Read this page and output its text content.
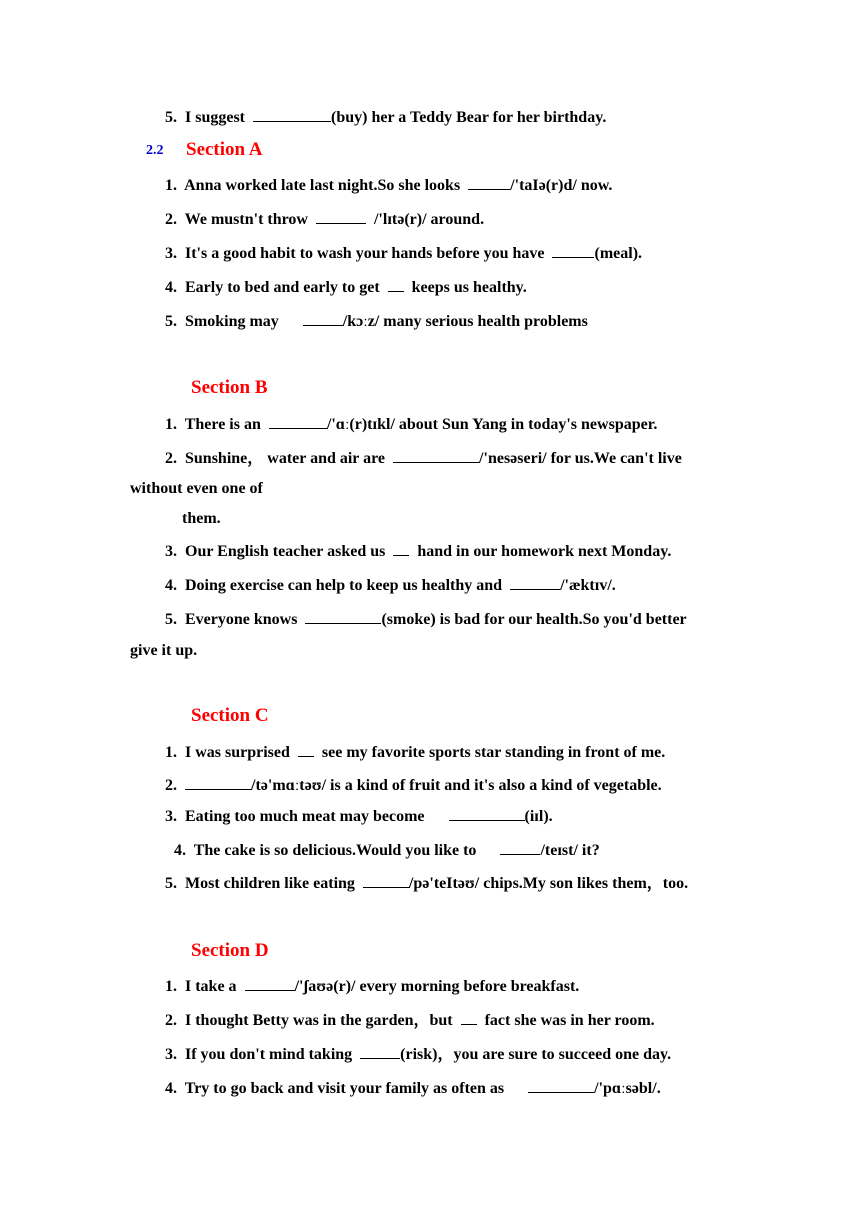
5. I suggest	(buy) her a Teddy Bear for her birthday.
2.2 Section A
1. Anna worked late last night.So she looks	/'taIə(r)d/ now.
2. We mustn't throw	/'lɪtə(r)/ around.
3. It's a good habit to wash your hands before you have	(meal).
4. Early to bed and early to get keeps us healthy.
5. Smoking may	/kɔːz/ many serious health problems
Section B
1. There is an	/'ɑː(r)tɪkl/ about Sun Yang in today's newspaper.
2. Sunshine， water and air are	/'nesəseri/ for us.We can't live
without even one of
them.
3. Our English teacher asked us hand in our homework next Monday.
4. Doing exercise can help to keep us healthy and	/'æktɪv/.
5. Everyone knows	(smoke) is bad for our health.So you'd better
give it up.
Section C
1. I was surprised see my favorite sports star standing in front of me.
2.	/tə'mɑːtəʊ/ is a kind of fruit and it's also a kind of vegetable.
3. Eating too much meat may become	(iɪl).
4. The cake is so delicious.Would you like to	/teɪst/ it?
5. Most children like eating	/pə'teItəʊ/ chips.My son likes them，too.
Section D
1. I take a	/'ʃaʊə(r)/ every morning before breakfast.
2. I thought Betty was in the garden，but fact she was in her room.
3. If you don't mind taking	(risk)，you are sure to succeed one day.
4. Try to go back and visit your family as often as	/'pɑːsəbl/.
